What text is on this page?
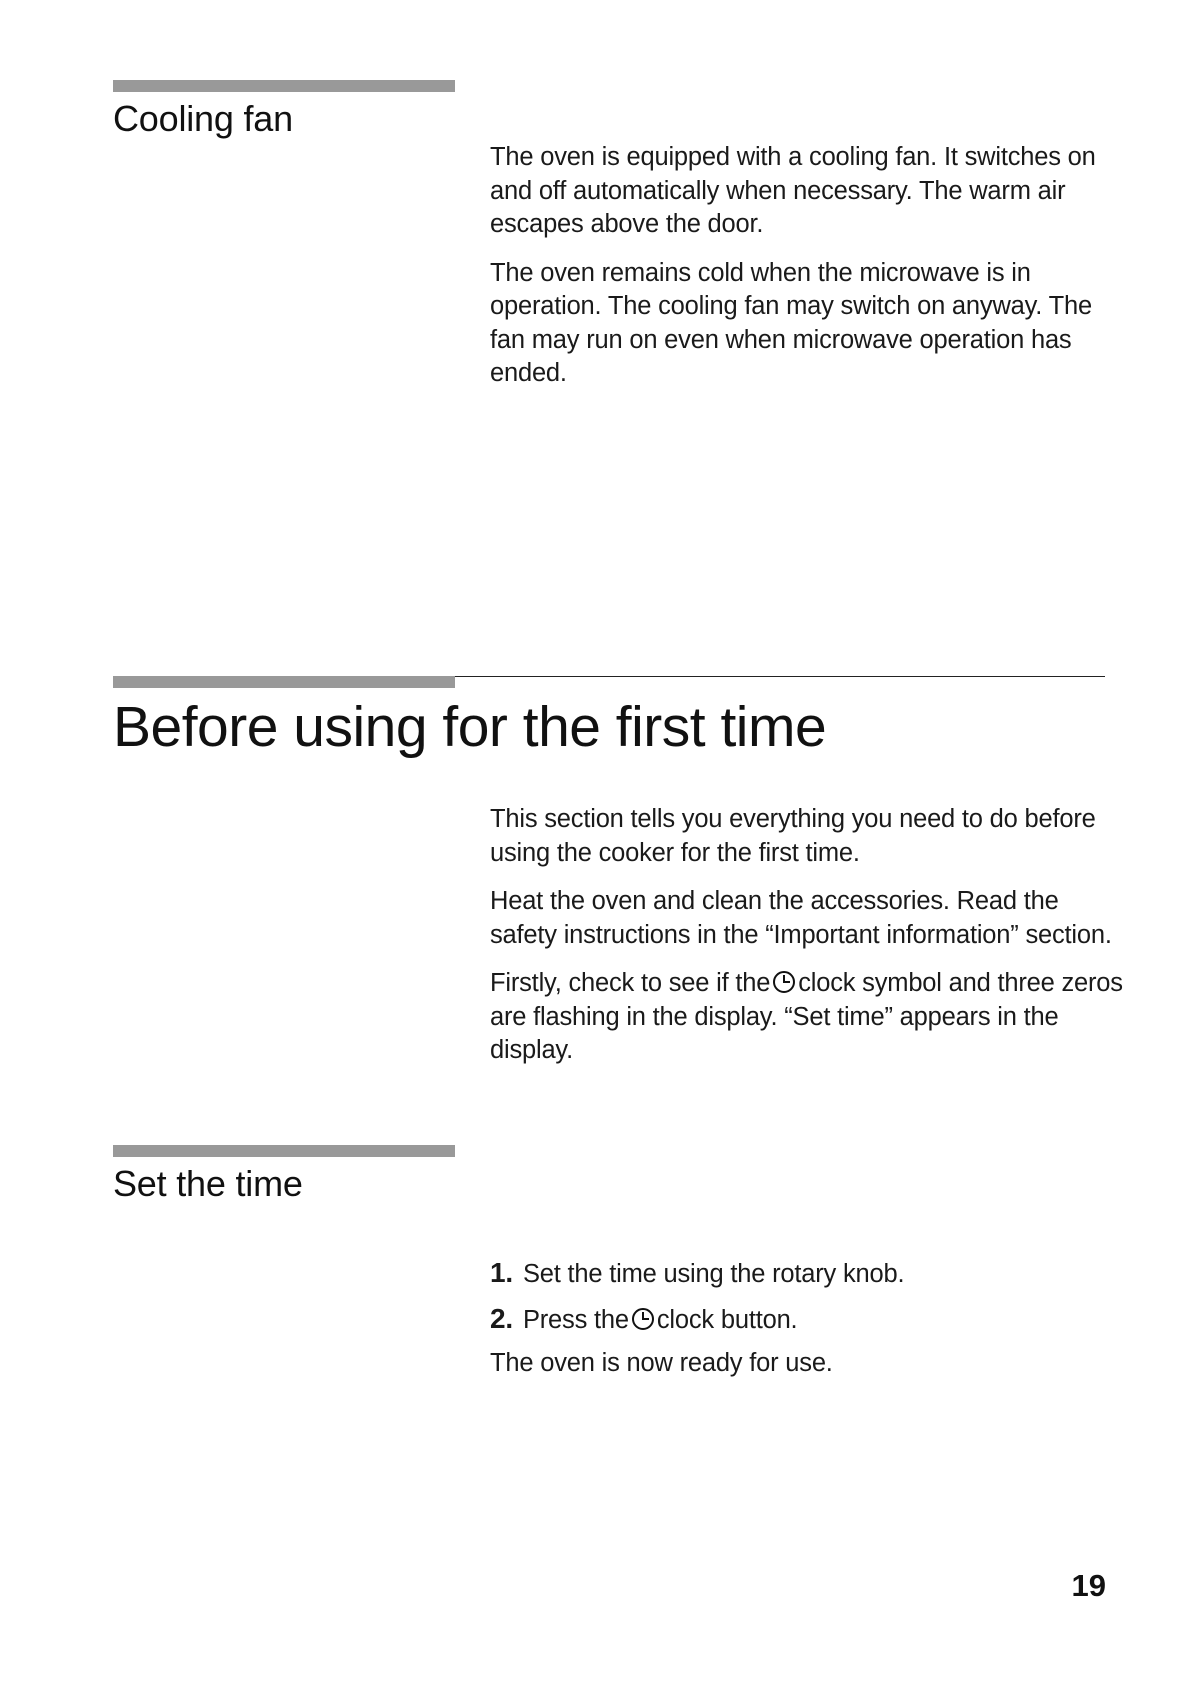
Cooling fan

The oven is equipped with a cooling fan. It switches on and off automatically when necessary. The warm air escapes above the door.

The oven remains cold when the microwave is in operation. The cooling fan may switch on anyway. The fan may run on even when microwave operation has ended.

Before using for the first time

This section tells you everything you need to do before using the cooker for the first time.

Heat the oven and clean the accessories. Read the safety instructions in the “Important information” section.

Firstly, check to see if the clock symbol and three zeros are flashing in the display. “Set time” appears in the display.

Set the time
1. Set the time using the rotary knob.
2. Press the clock button.

The oven is now ready for use.

19
